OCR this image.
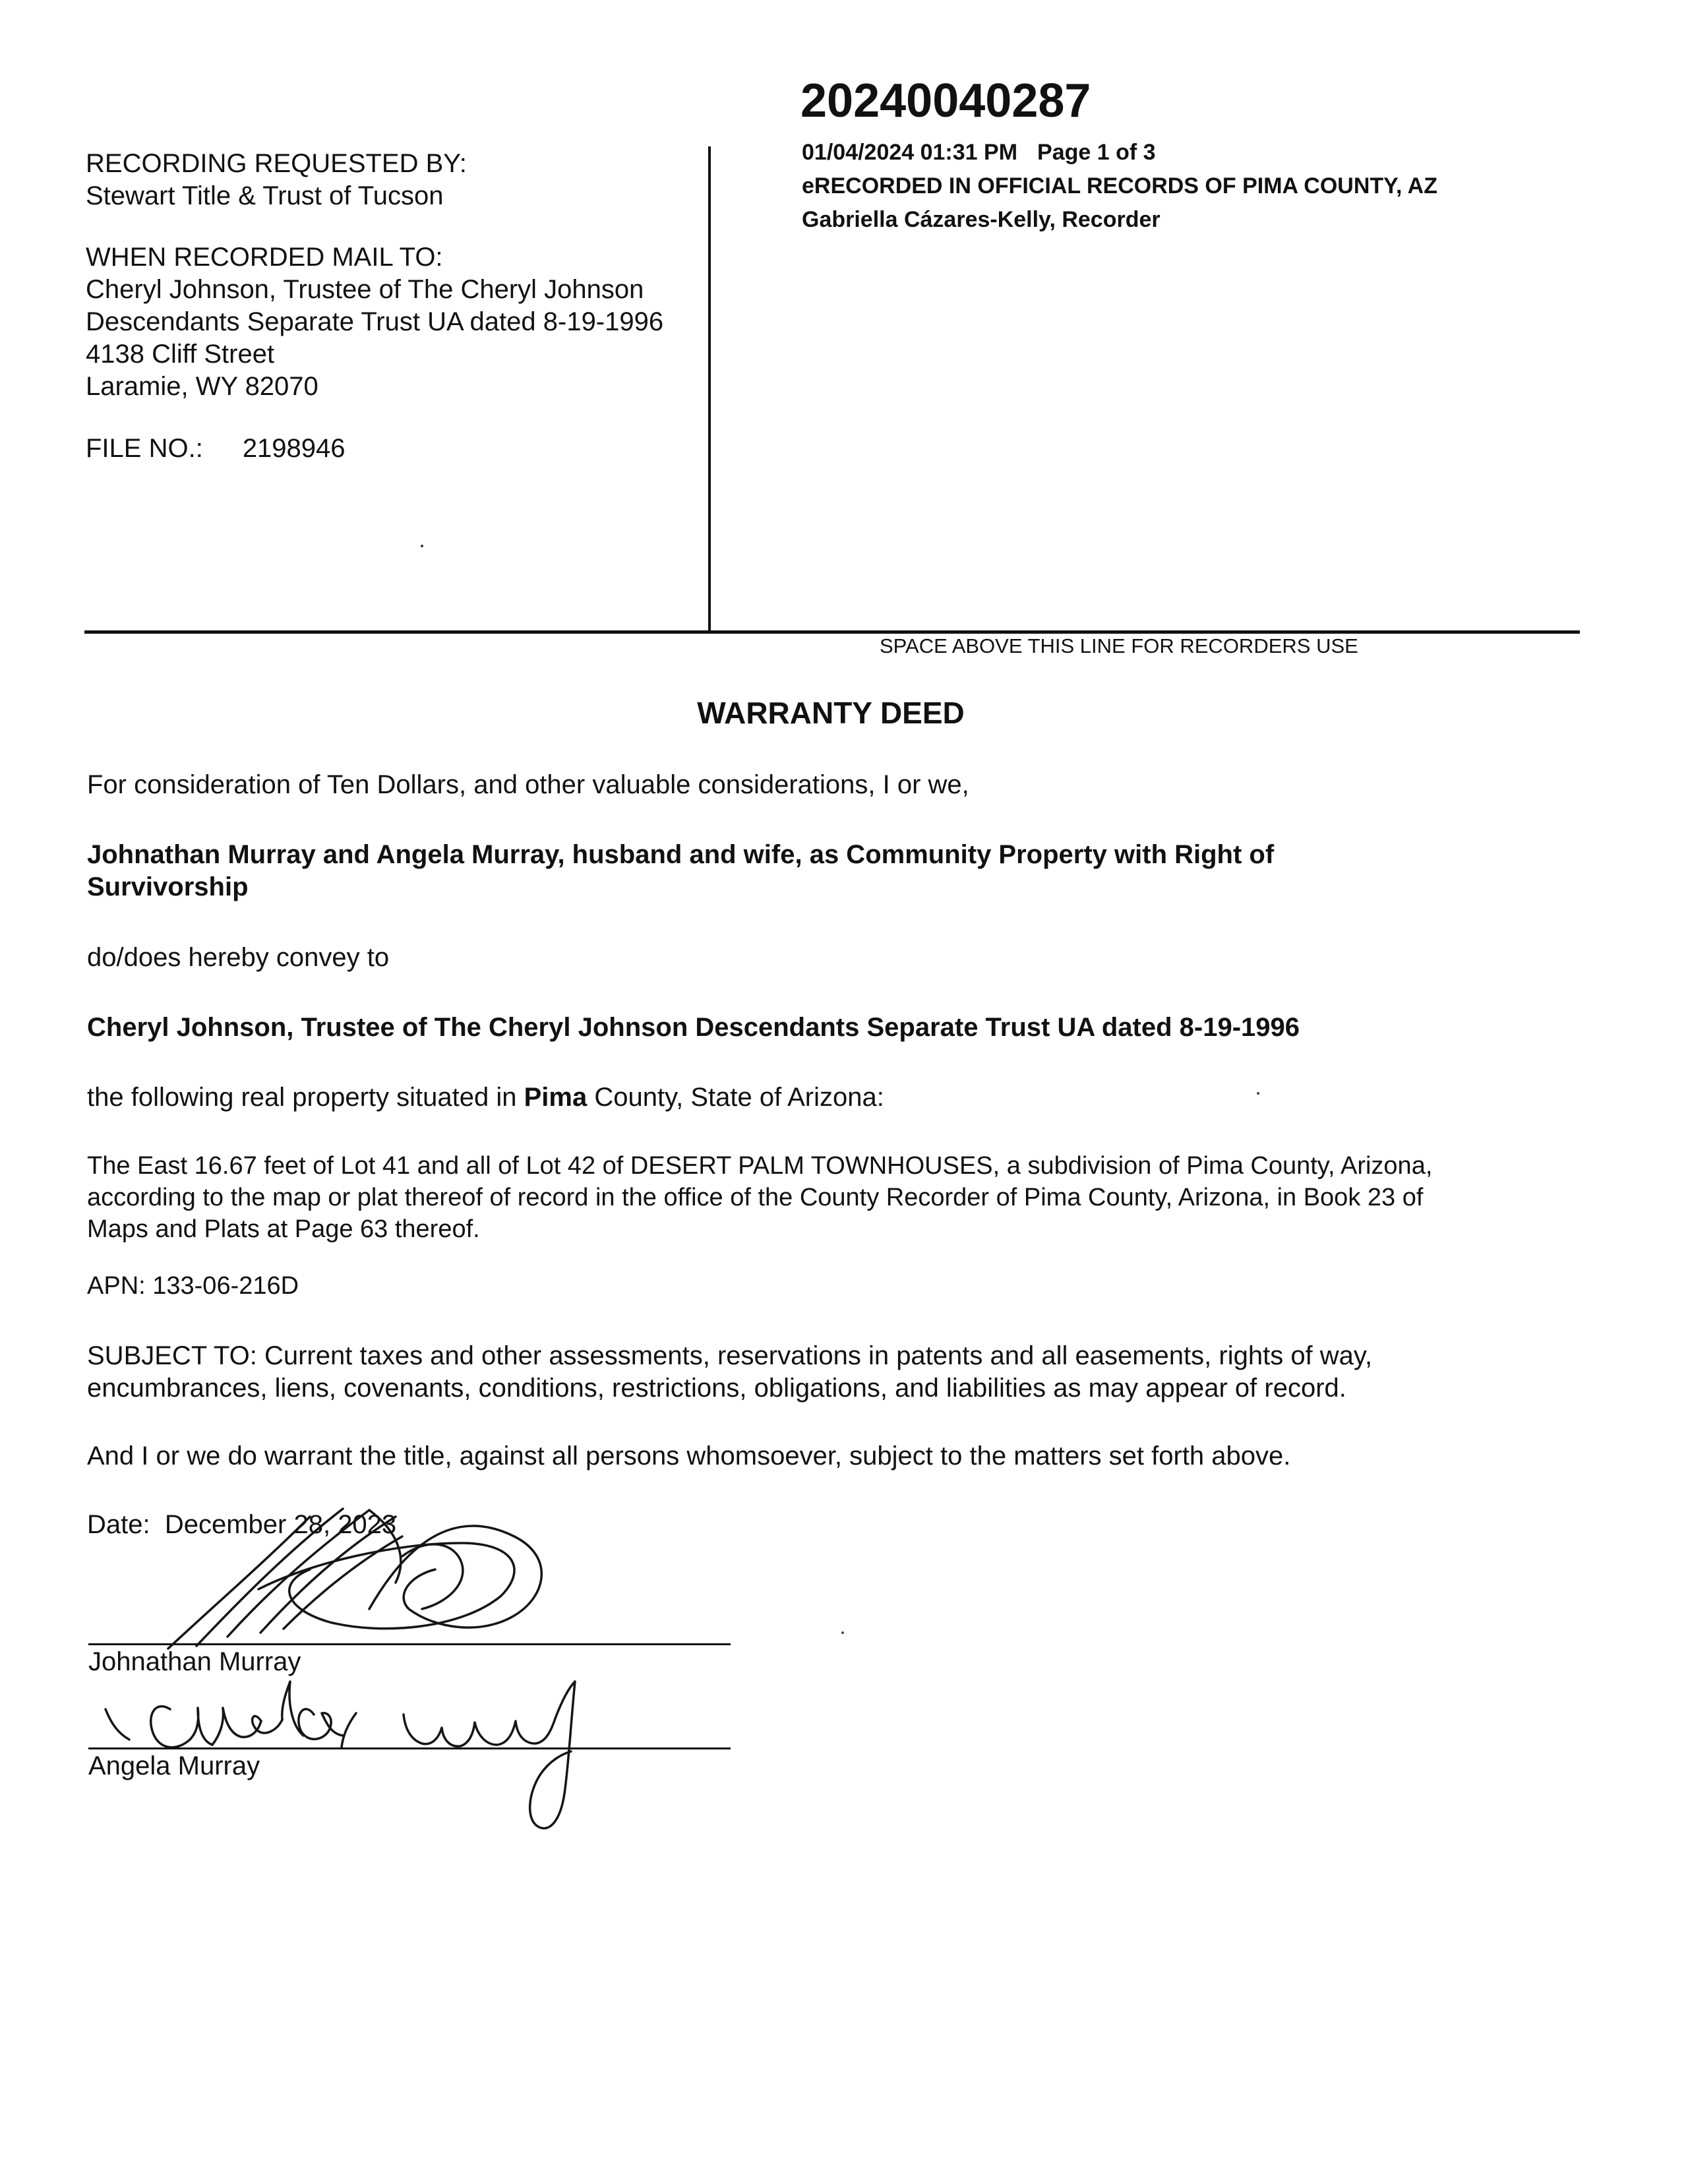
RECORDING REQUESTED BY:
Stewart Title & Trust of Tucson
WHEN RECORDED MAIL TO:
Cheryl Johnson, Trustee of The Cheryl Johnson
Descendants Separate Trust UA dated 8-19-1996
4138 Cliff Street
Laramie, WY 82070
FILE NO.: 2198946
20240040287
01/04/2024 01:31 PM Page 1 of 3
eRECORDED IN OFFICIAL RECORDS OF PIMA COUNTY, AZ
Gabriella Cázares-Kelly, Recorder
SPACE ABOVE THIS LINE FOR RECORDERS USE
WARRANTY DEED
For consideration of Ten Dollars, and other valuable considerations, I or we,
Johnathan Murray and Angela Murray, husband and wife, as Community Property with Right of
Survivorship
do/does hereby convey to
Cheryl Johnson, Trustee of The Cheryl Johnson Descendants Separate Trust UA dated 8-19-1996
the following real property situated in Pima County, State of Arizona:
The East 16.67 feet of Lot 41 and all of Lot 42 of DESERT PALM TOWNHOUSES, a subdivision of Pima County, Arizona,
according to the map or plat thereof of record in the office of the County Recorder of Pima County, Arizona, in Book 23 of
Maps and Plats at Page 63 thereof.
APN: 133-06-216D
SUBJECT TO: Current taxes and other assessments, reservations in patents and all easements, rights of way,
encumbrances, liens, covenants, conditions, restrictions, obligations, and liabilities as may appear of record.
And I or we do warrant the title, against all persons whomsoever, subject to the matters set forth above.
Date: December 28, 2023
Johnathan Murray
Angela Murray
